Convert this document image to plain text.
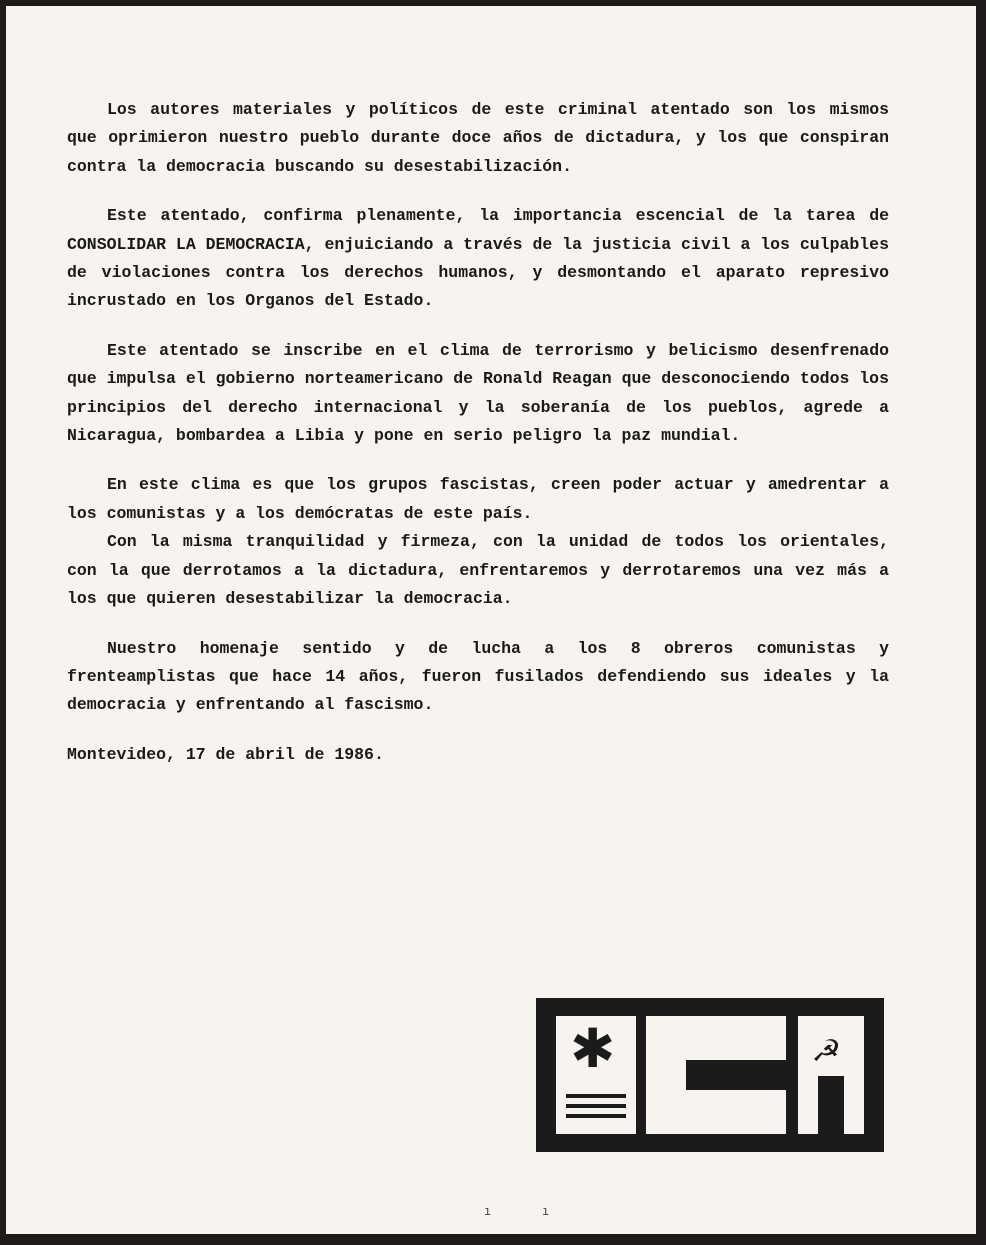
Los autores materiales y políticos de este criminal atentado son los mismos que oprimieron nuestro pueblo durante doce años de dictadura, y los que conspiran contra la democracia buscando su desestabilización.

Este atentado, confirma plenamente, la importancia escencial de la tarea de CONSOLIDAR LA DEMOCRACIA, enjuiciando a través de la justicia civil a los culpables de violaciones contra los derechos humanos, y desmontando el aparato represivo incrustado en los Organos del Estado.

Este atentado se inscribe en el clima de terrorismo y belicismo desenfrenado que impulsa el gobierno norteamericano de Ronald Reagan que desconociendo todos los principios del derecho internacional y la soberanía de los pueblos, agrede a Nicaragua, bombardea a Libia y pone en serio peligro la paz mundial.

En este clima es que los grupos fascistas, creen poder actuar y amedrentar a los comunistas y a los demócratas de este país.

Con la misma tranquilidad y firmeza, con la unidad de todos los orientales, con la que derrotamos a la dictadura, enfrentaremos y derrotaremos una vez más a los que quieren desestabilizar la democracia.

Nuestro homenaje sentido y de lucha a los 8 obreros comunistas y frenteamplistas que hace 14 años, fueron fusilados defendiendo sus ideales y la democracia y enfrentando al fascismo.

Montevideo, 17 de abril de 1986.

✱	☭
ı	ı
